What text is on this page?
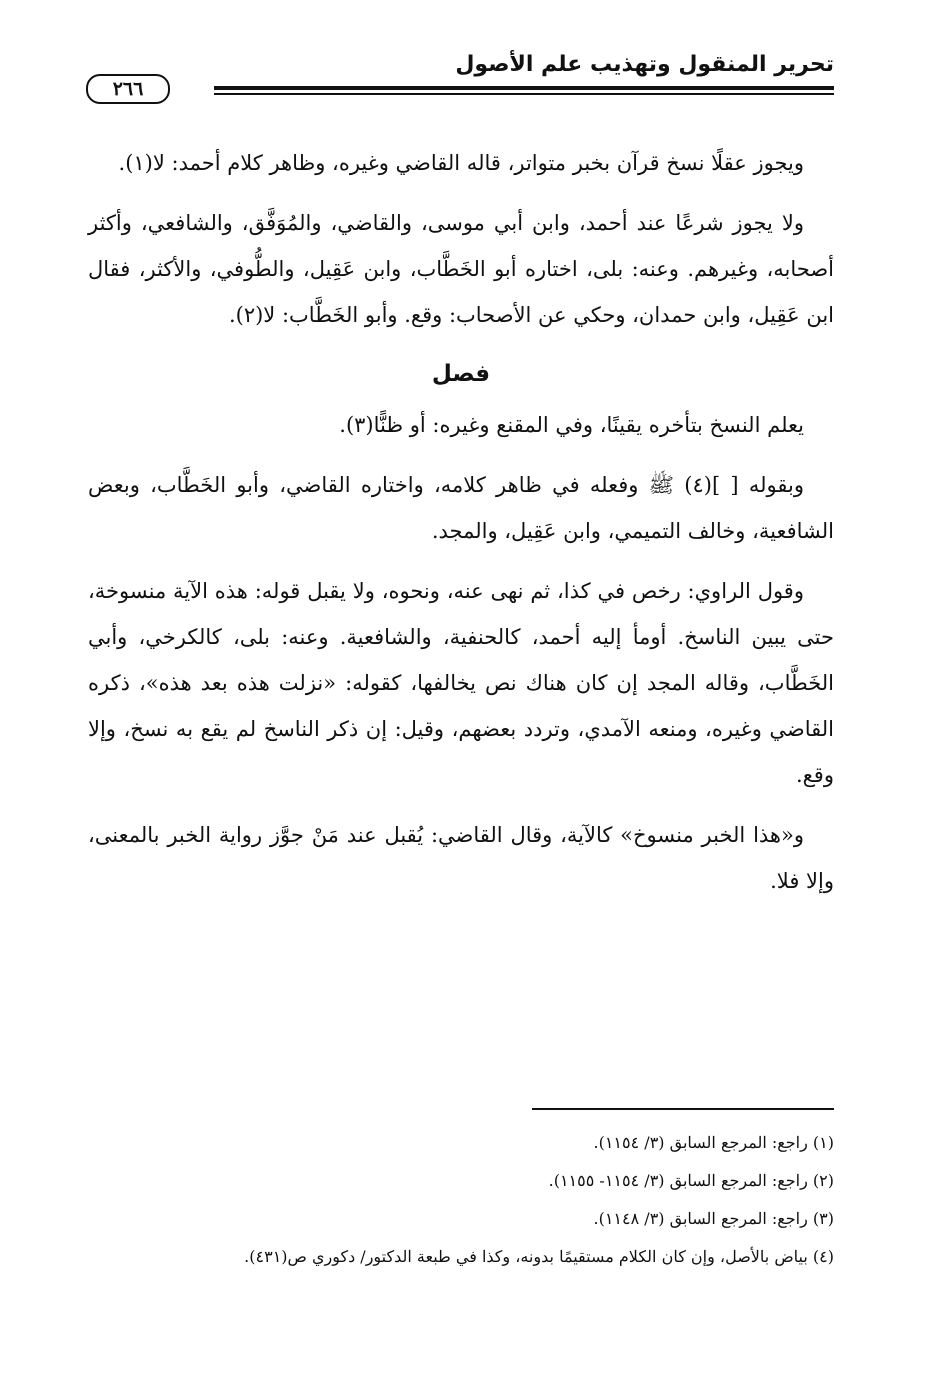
تحرير المنقول وتهذيب علم الأصول
٢٦٦

ويجوز عقلًا نسخ قرآن بخبر متواتر، قاله القاضي وغيره، وظاهر كلام أحمد: لا(١).

ولا يجوز شرعًا عند أحمد، وابن أبي موسى، والقاضي، والمُوَفَّق، والشافعي، وأكثر أصحابه، وغيرهم. وعنه: بلى، اختاره أبو الخَطَّاب، وابن عَقِيل، والطُّوفي، والأكثر، فقال ابن عَقِيل، وابن حمدان، وحكي عن الأصحاب: وقع. وأبو الخَطَّاب: لا(٢).

فصل

يعلم النسخ بتأخره يقينًا، وفي المقنع وغيره: أو ظنًّا(٣).

وبقوله [ ](٤) ﷺ وفعله في ظاهر كلامه، واختاره القاضي، وأبو الخَطَّاب، وبعض الشافعية، وخالف التميمي، وابن عَقِيل، والمجد.

وقول الراوي: رخص في كذا، ثم نهى عنه، ونحوه، ولا يقبل قوله: هذه الآية منسوخة، حتى يبين الناسخ. أومأ إليه أحمد، كالحنفية، والشافعية. وعنه: بلى، كالكرخي، وأبي الخَطَّاب، وقاله المجد إن كان هناك نص يخالفها، كقوله: «نزلت هذه بعد هذه»، ذكره القاضي وغيره، ومنعه الآمدي، وتردد بعضهم، وقيل: إن ذكر الناسخ لم يقع به نسخ، وإلا وقع.

و«هذا الخبر منسوخ» كالآية، وقال القاضي: يُقبل عند مَنْ جوَّز رواية الخبر بالمعنى، وإلا فلا.

(١) راجع: المرجع السابق (٣/ ١١٥٤).
(٢) راجع: المرجع السابق (٣/ ١١٥٤- ١١٥٥).
(٣) راجع: المرجع السابق (٣/ ١١٤٨).
(٤) بياض بالأصل، وإن كان الكلام مستقيمًا بدونه، وكذا في طبعة الدكتور/ دكوري ص(٤٣١).
